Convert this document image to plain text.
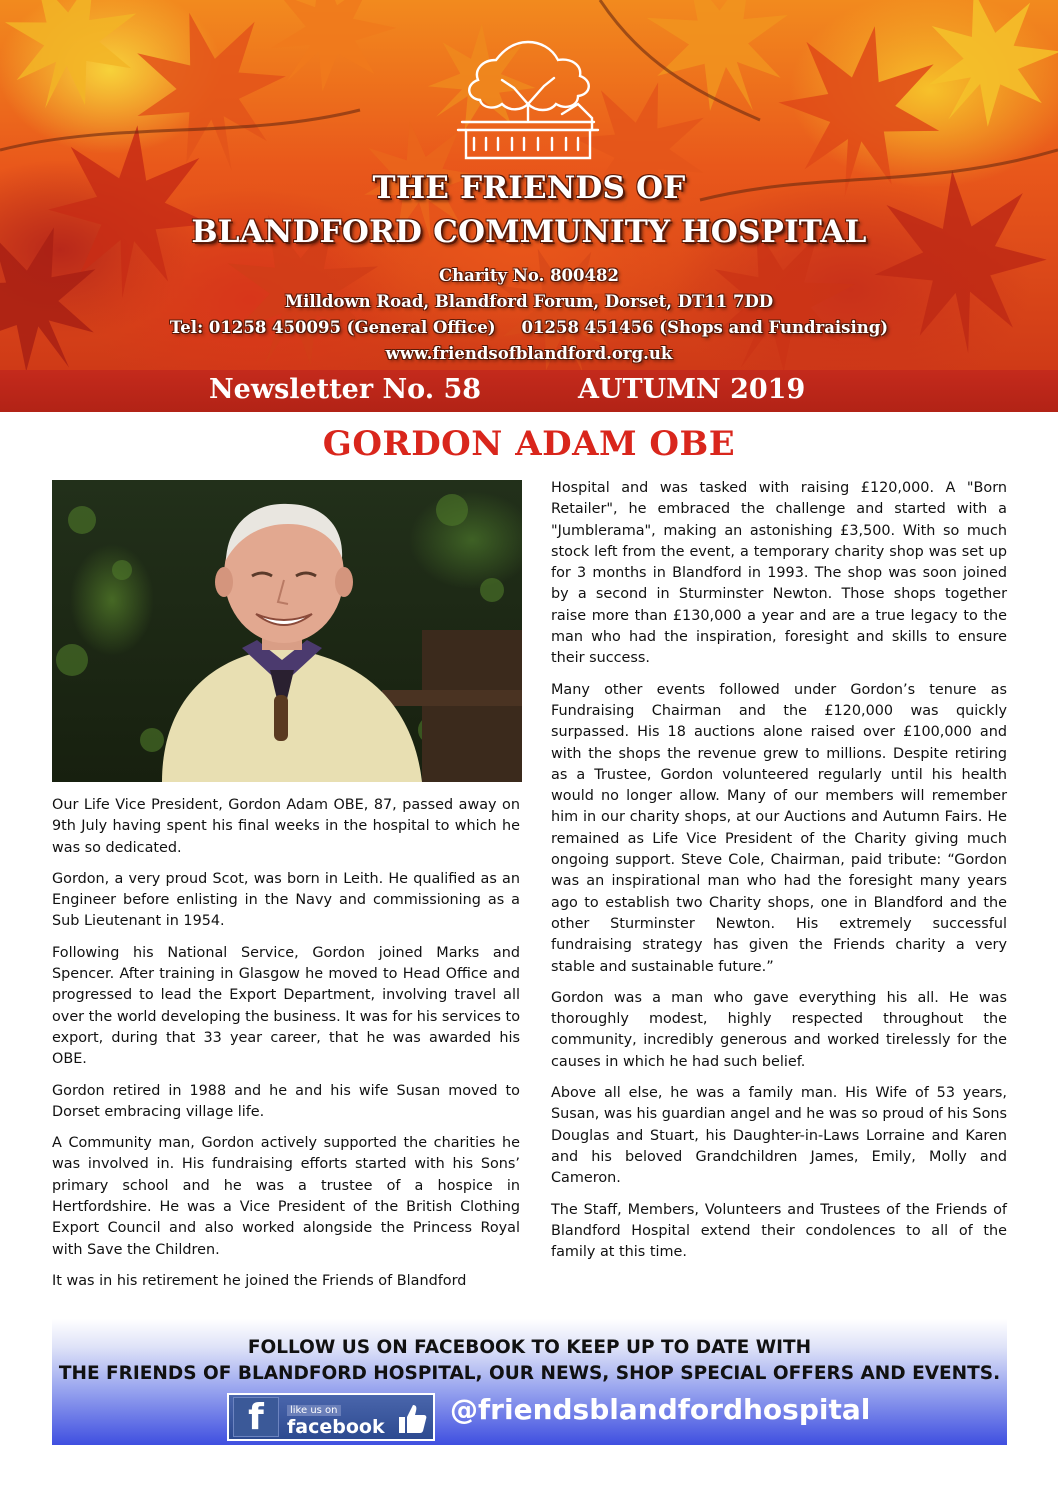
THE FRIENDS OF
BLANDFORD COMMUNITY HOSPITAL
Charity No. 800482
Milldown Road, Blandford Forum, Dorset, DT11 7DD
Tel: 01258 450095 (General Office) 01258 451456 (Shops and Fundraising)
www.friendsofblandford.org.uk
Newsletter No. 58	AUTUMN 2019
GORDON ADAM OBE

Our Life Vice President, Gordon Adam OBE, 87, passed away on 9th July having spent his final weeks in the hospital to which he was so dedicated.

Gordon, a very proud Scot, was born in Leith. He qualified as an Engineer before enlisting in the Navy and commissioning as a Sub Lieutenant in 1954.

Following his National Service, Gordon joined Marks and Spencer. After training in Glasgow he moved to Head Office and progressed to lead the Export Department, involving travel all over the world developing the business. It was for his services to export, during that 33 year career, that he was awarded his OBE.

Gordon retired in 1988 and he and his wife Susan moved to Dorset embracing village life.

A Community man, Gordon actively supported the charities he was involved in. His fundraising efforts started with his Sons’ primary school and he was a trustee of a hospice in Hertfordshire. He was a Vice President of the British Clothing Export Council and also worked alongside the Princess Royal with Save the Children.

It was in his retirement he joined the Friends of Blandford

Hospital and was tasked with raising £120,000. A "Born Retailer", he embraced the challenge and started with a "Jumblerama", making an astonishing £3,500. With so much stock left from the event, a temporary charity shop was set up for 3 months in Blandford in 1993. The shop was soon joined by a second in Sturminster Newton. Those shops together raise more than £130,000 a year and are a true legacy to the man who had the inspiration, foresight and skills to ensure their success.

Many other events followed under Gordon’s tenure as Fundraising Chairman and the £120,000 was quickly surpassed. His 18 auctions alone raised over £100,000 and with the shops the revenue grew to millions. Despite retiring as a Trustee, Gordon volunteered regularly until his health would no longer allow. Many of our members will remember him in our charity shops, at our Auctions and Autumn Fairs. He remained as Life Vice President of the Charity giving much ongoing support. Steve Cole, Chairman, paid tribute: “Gordon was an inspirational man who had the foresight many years ago to establish two Charity shops, one in Blandford and the other Sturminster Newton. His extremely successful fundraising strategy has given the Friends charity a very stable and sustainable future.”

Gordon was a man who gave everything his all. He was thoroughly modest, highly respected throughout the community, incredibly generous and worked tirelessly for the causes in which he had such belief.

Above all else, he was a family man. His Wife of 53 years, Susan, was his guardian angel and he was so proud of his Sons Douglas and Stuart, his Daughter-in-Laws Lorraine and Karen and his beloved Grandchildren James, Emily, Molly and Cameron.

The Staff, Members, Volunteers and Trustees of the Friends of Blandford Hospital extend their condolences to all of the family at this time.

FOLLOW US ON FACEBOOK TO KEEP UP TO DATE WITH
THE FRIENDS OF BLANDFORD HOSPITAL, OUR NEWS, SHOP SPECIAL OFFERS AND EVENTS.
f	like us on
facebook
@friendsblandfordhospital
